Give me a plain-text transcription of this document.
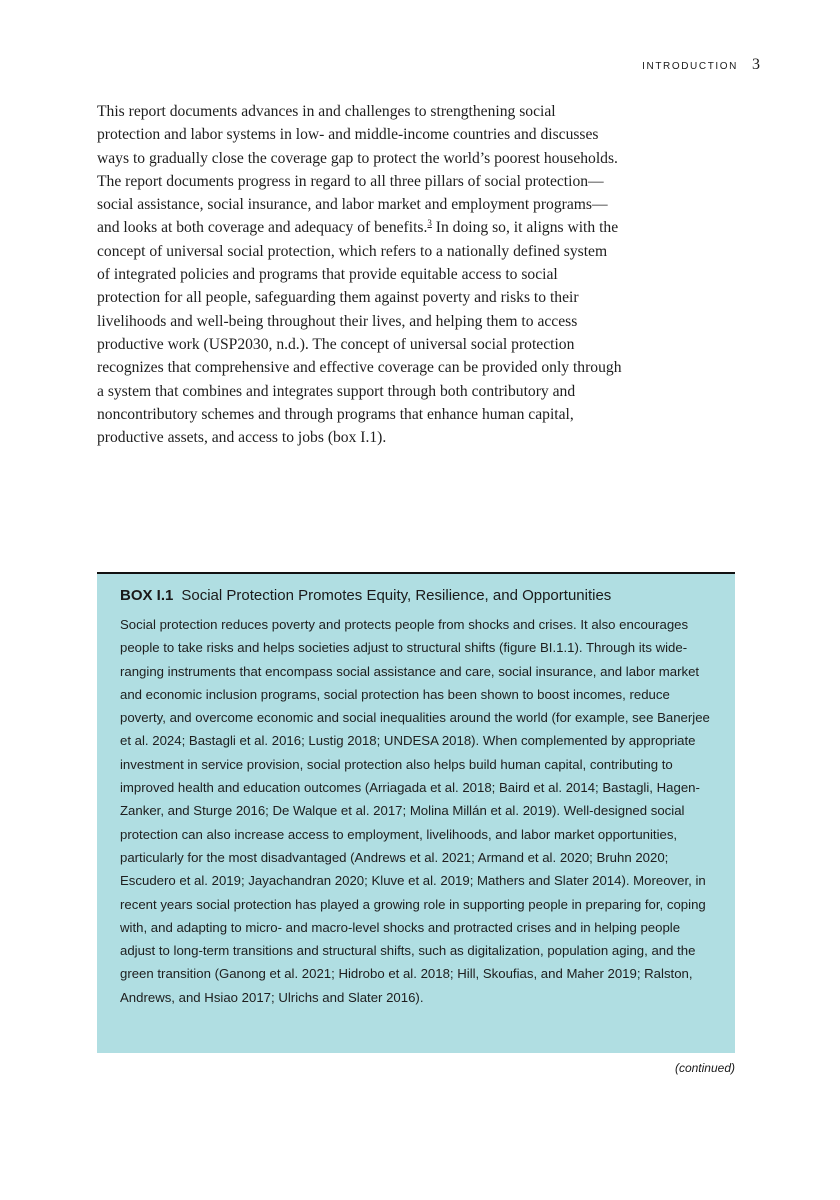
INTRODUCTION 3

This report documents advances in and challenges to strengthening social protection and labor systems in low- and middle-income countries and discusses ways to gradually close the coverage gap to protect the world’s poorest households. The report documents progress in regard to all three pillars of social protection—social assistance, social insurance, and labor market and employment programs—and looks at both coverage and adequacy of benefits.$^3$ In doing so, it aligns with the concept of universal social protection, which refers to a nationally defined system of integrated policies and programs that provide equitable access to social protection for all people, safeguarding them against poverty and risks to their livelihoods and well-being throughout their lives, and helping them to access productive work (USP2030, n.d.). The concept of universal social protection recognizes that comprehensive and effective coverage can be provided only through a system that combines and integrates support through both contributory and noncontributory schemes and through programs that enhance human capital, productive assets, and access to jobs (box I.1).

BOX I.1 Social Protection Promotes Equity, Resilience, and Opportunities

Social protection reduces poverty and protects people from shocks and crises. It also encourages people to take risks and helps societies adjust to structural shifts (figure BI.1.1). Through its wide-ranging instruments that encompass social assistance and care, social insurance, and labor market and economic inclusion programs, social protection has been shown to boost incomes, reduce poverty, and overcome economic and social inequalities around the world (for example, see Banerjee et al. 2024; Bastagli et al. 2016; Lustig 2018; UNDESA 2018). When complemented by appropriate investment in service provision, social protection also helps build human capital, contributing to improved health and education outcomes (Arriagada et al. 2018; Baird et al. 2014; Bastagli, Hagen-Zanker, and Sturge 2016; De Walque et al. 2017; Molina Millán et al. 2019). Well-designed social protection can also increase access to employment, livelihoods, and labor market opportunities, particularly for the most disadvantaged (Andrews et al. 2021; Armand et al. 2020; Bruhn 2020; Escudero et al. 2019; Jayachandran 2020; Kluve et al. 2019; Mathers and Slater 2014). Moreover, in recent years social protection has played a growing role in supporting people in preparing for, coping with, and adapting to micro- and macro-level shocks and protracted crises and in helping people adjust to long-term transitions and structural shifts, such as digitalization, population aging, and the green transition (Ganong et al. 2021; Hidrobo et al. 2018; Hill, Skoufias, and Maher 2019; Ralston, Andrews, and Hsiao 2017; Ulrichs and Slater 2016).

(continued)
